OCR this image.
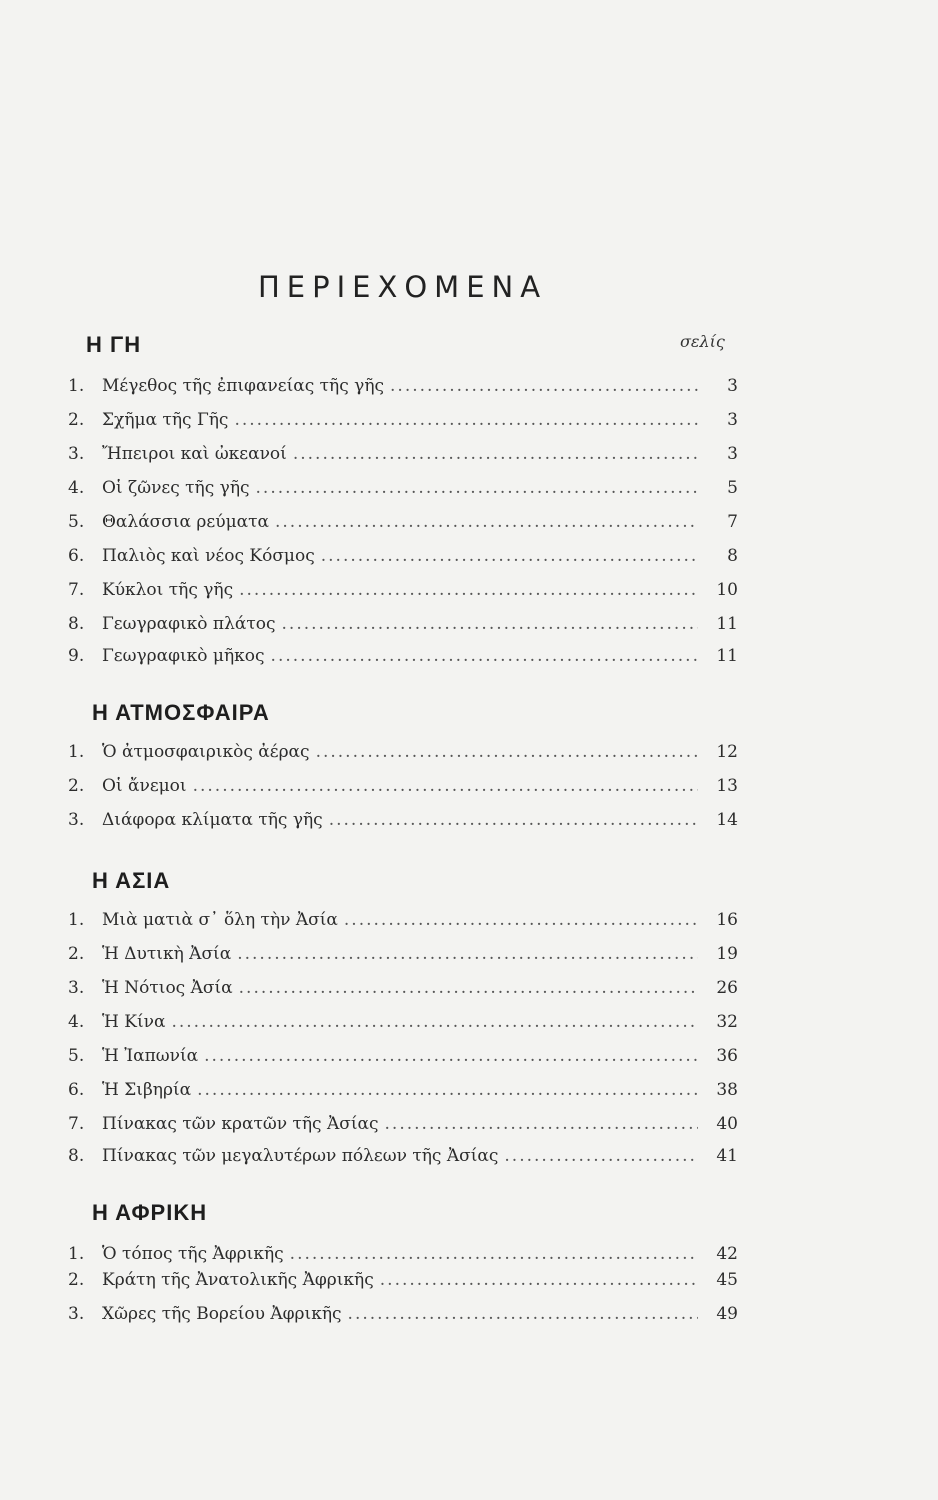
ΠΕΡΙΕΧΟΜΕΝΑ
σελίς
Η ΓΗ
1.	Μέγεθος τῆς ἐπιφανείας τῆς γῆς .....	3
2.	Σχῆμα τῆς Γῆς .....	3
3.	Ἤπειροι καὶ ὠκεανοί .....	3
4.	Οἱ ζῶνες τῆς γῆς .....	5
5.	Θαλάσσια ρεύματα .....	7
6.	Παλιὸς καὶ νέος Κόσμος .....	8
7.	Κύκλοι τῆς γῆς .....	10
8.	Γεωγραφικὸ πλάτος .....	11
9.	Γεωγραφικὸ μῆκος .....	11
Η ΑΤΜΟΣΦΑΙΡΑ
1.	Ὁ ἀτμοσφαιρικὸς ἀέρας .....	12
2.	Οἱ ἄνεμοι .....	13
3.	Διάφορα κλίματα τῆς γῆς .....	14
Η ΑΣΙΑ
1.	Μιὰ ματιὰ σ᾽ ὅλη τὴν Ἀσία .....	16
2.	Ἡ Δυτικὴ Ἀσία .....	19
3.	Ἡ Νότιος Ἀσία .....	26
4.	Ἡ Κίνα .....	32
5.	Ἡ Ἰαπωνία .....	36
6.	Ἡ Σιβηρία .....	38
7.	Πίνακας τῶν κρατῶν τῆς Ἀσίας .....	40
8.	Πίνακας τῶν μεγαλυτέρων πόλεων τῆς Ἀσίας .....	41
Η ΑΦΡΙΚΗ
1.	Ὁ τόπος τῆς Ἀφρικῆς .....	42
2.	Κράτη τῆς Ἀνατολικῆς Ἀφρικῆς .....	45
3.	Χῶρες τῆς Βορείου Ἀφρικῆς .....	49
